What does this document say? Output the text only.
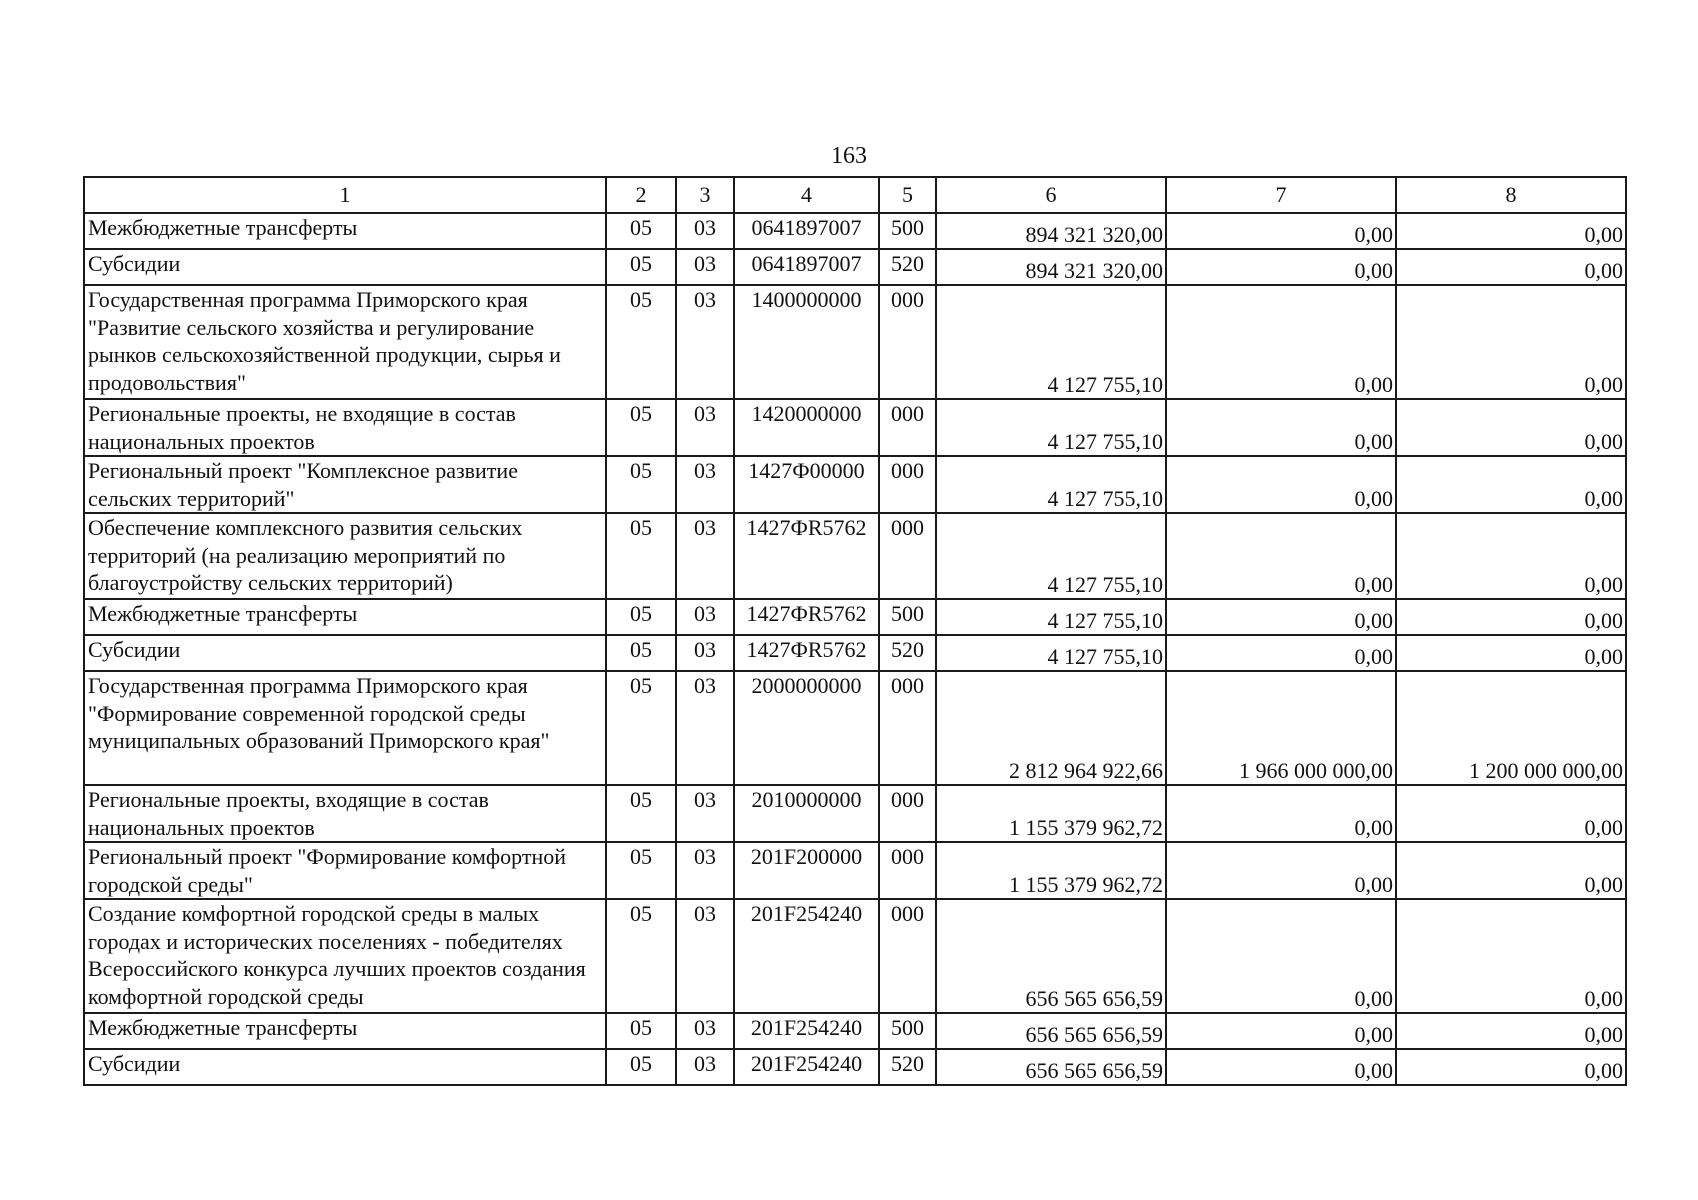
163
1	2	3	4	5	6	7	8
Межбюджетные трансферты	05	03	0641897007	500	894 321 320,00	0,00	0,00
Субсидии	05	03	0641897007	520	894 321 320,00	0,00	0,00
Государственная программа Приморского края "Развитие сельского хозяйства и регулирование рынков сельскохозяйственной продукции, сырья и продовольствия"	05	03	1400000000	000	4 127 755,10	0,00	0,00
Региональные проекты, не входящие в состав национальных проектов	05	03	1420000000	000	4 127 755,10	0,00	0,00
Региональный проект "Комплексное развитие сельских территорий"	05	03	1427Ф00000	000	4 127 755,10	0,00	0,00
Обеспечение комплексного развития сельских территорий (на реализацию мероприятий по благоустройству сельских территорий)	05	03	1427ФR5762	000	4 127 755,10	0,00	0,00
Межбюджетные трансферты	05	03	1427ФR5762	500	4 127 755,10	0,00	0,00
Субсидии	05	03	1427ФR5762	520	4 127 755,10	0,00	0,00
Государственная программа Приморского края "Формирование современной городской среды муниципальных образований Приморского края"	05	03	2000000000	000	2 812 964 922,66	1 966 000 000,00	1 200 000 000,00
Региональные проекты, входящие в состав национальных проектов	05	03	2010000000	000	1 155 379 962,72	0,00	0,00
Региональный проект "Формирование комфортной городской среды"	05	03	201F200000	000	1 155 379 962,72	0,00	0,00
Создание комфортной городской среды в малых городах и исторических поселениях - победителях Всероссийского конкурса лучших проектов создания комфортной городской среды	05	03	201F254240	000	656 565 656,59	0,00	0,00
Межбюджетные трансферты	05	03	201F254240	500	656 565 656,59	0,00	0,00
Субсидии	05	03	201F254240	520	656 565 656,59	0,00	0,00
